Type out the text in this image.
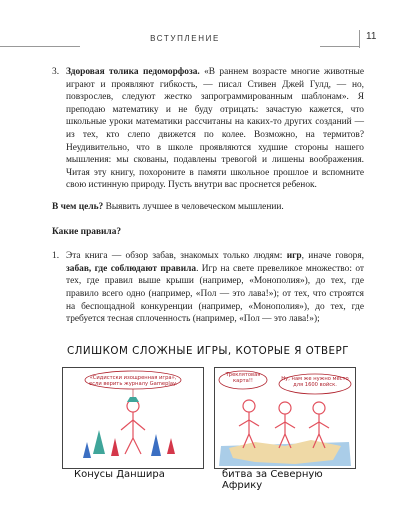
ВСТУПЛЕНИЕ	11
3. Здоровая толика педоморфоза. «В раннем возрасте многие животные играют и проявляют гибкость, — писал Стивен Джей Гулд, — но, повзрослев, следуют жестко запрограммированным шаблонам». Я преподаю математику и не буду отрицать: зачастую кажется, что школьные уроки математики рассчитаны на каких-то других созданий — из тех, кто слепо движется по колее. Возможно, на термитов? Неудивительно, что в школе проявляются худшие стороны нашего мышления: мы скованы, подавлены тревогой и лишены воображения. Читая эту книгу, похороните в памяти школьное прошлое и вспомните свою истинную природу. Пусть внутри вас проснется ребенок.

В чем цель? Выявить лучшее в человеческом мышлении.

Какие правила?

1. Эта книга — обзор забав, знакомых только людям: игр, иначе говоря, забав, где соблюдают правила. Игр на свете превеликое множество: от тех, где правил выше крыши (например, «Монополия»), до тех, где правило всего одно (например, «Пол — это лава!»); от тех, что строятся на беспощадной конкуренции (например, «Монополия»), до тех, где требуется тесная сплоченность (например, «Пол — это лава!»);
СЛИШКОМ СЛОЖНЫЕ ИГРЫ, КОТОРЫЕ Я ОТВЕРГ
«Сидистски изощренная игра», если верить журналу Gameplay.
Треклятовая карта!!	Ну, нам же нужно место для 1600 войск.
Конусы Даншира	битва за Северную Африку
